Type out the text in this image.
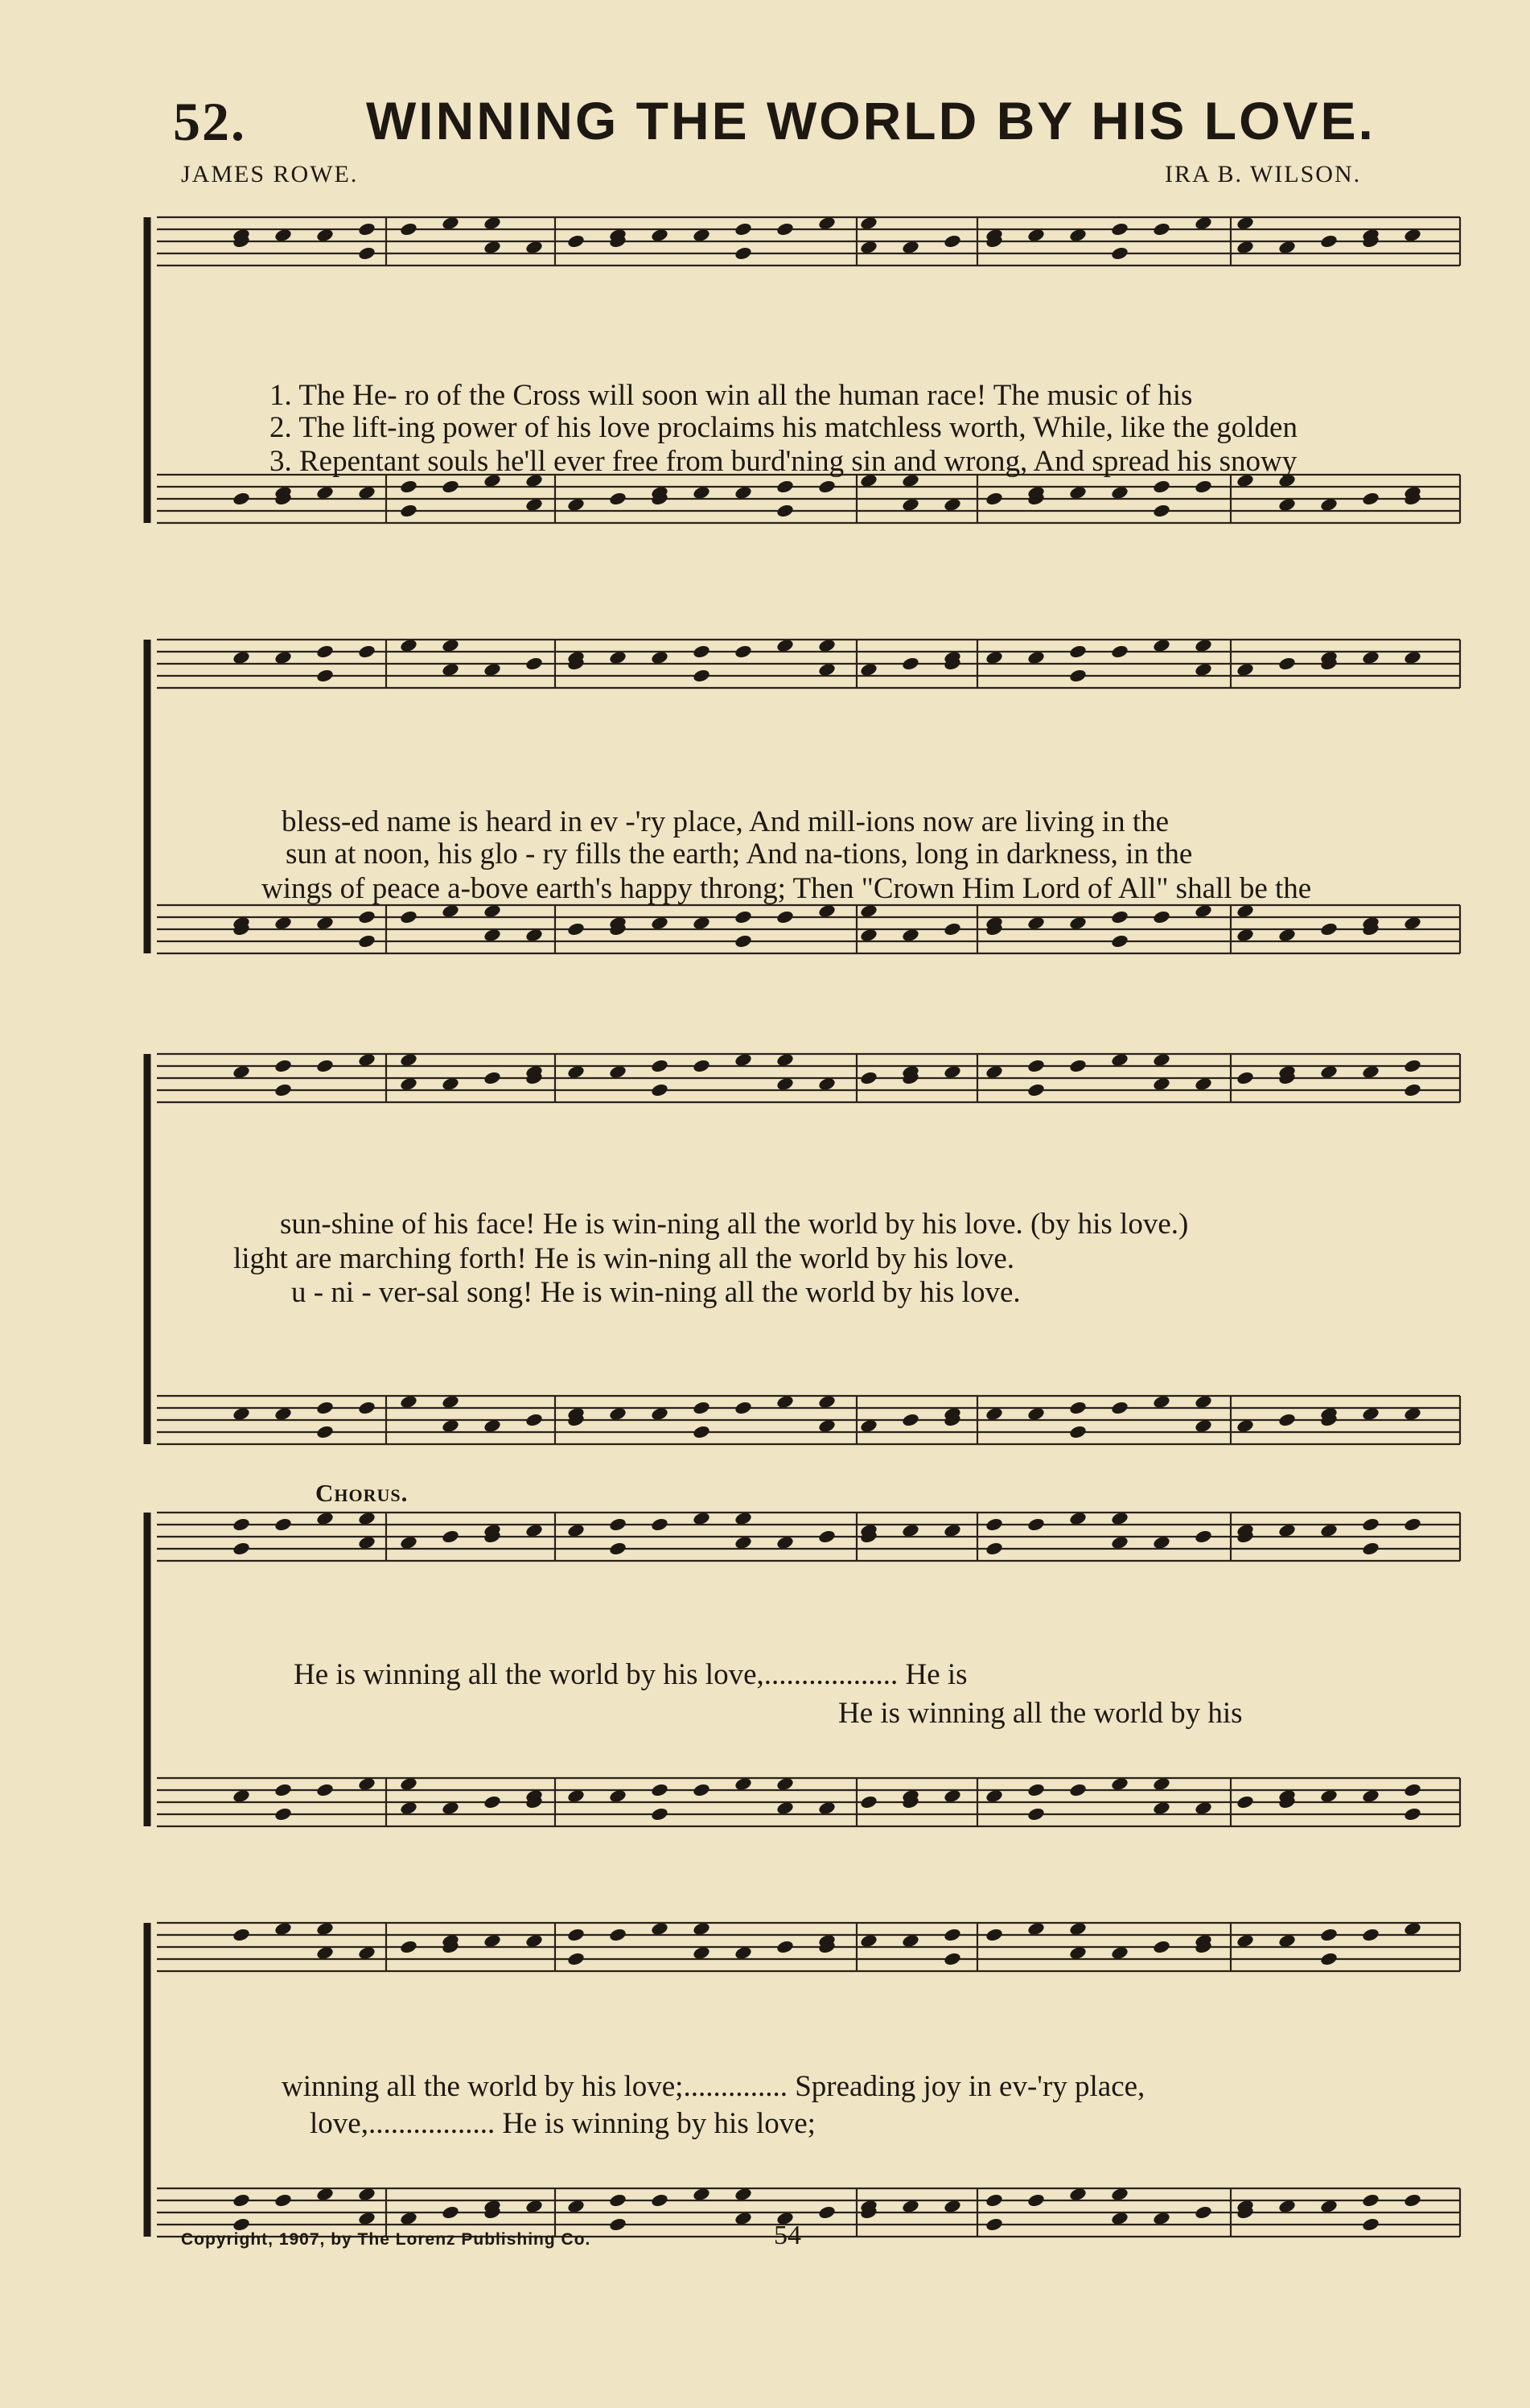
52. WINNING THE WORLD BY HIS LOVE.
JAMES ROWE.	IRA B. WILSON.
1. The He- ro of the Cross will soon win all the human race! The music of his
2. The lift-ing power of his love proclaims his matchless worth, While, like the golden
3. Repentant souls he'll ever free from burd'ning sin and wrong, And spread his snowy
bless-ed name is heard in ev -'ry place, And mill-ions now are living in the
sun at noon, his glo - ry fills the earth; And na-tions, long in darkness, in the
wings of peace a-bove earth's happy throng; Then "Crown Him Lord of All" shall be the
sun-shine of his face! He is win-ning all the world by his love. (by his love.)
light are marching forth! He is win-ning all the world by his love.
u - ni - ver-sal song! He is win-ning all the world by his love.
Chorus.
He is winning all the world by his love,.................. He is
He is winning all the world by his
winning all the world by his love;.............. Spreading joy in ev-'ry place,
love,................. He is winning by his love;
Copyright, 1907, by The Lorenz Publishing Co.	54
